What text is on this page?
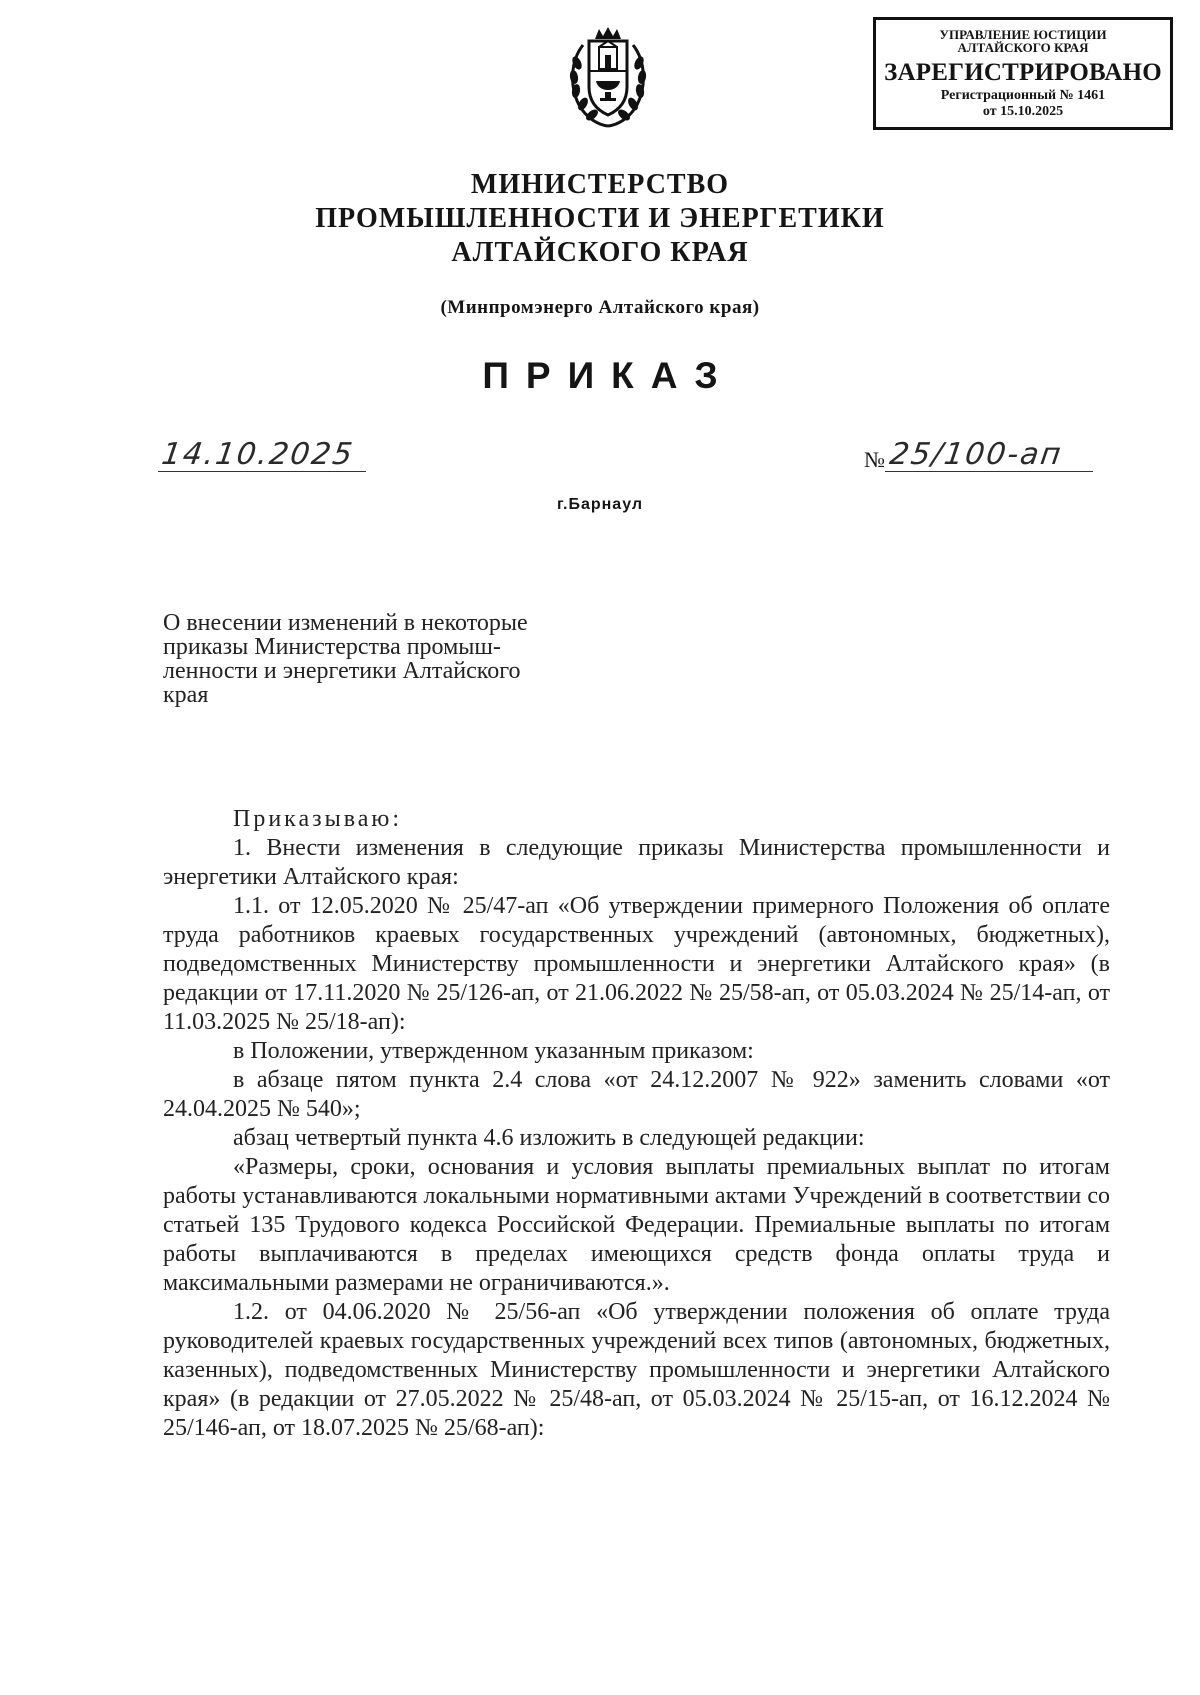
УПРАВЛЕНИЕ ЮСТИЦИИ
АЛТАЙСКОГО КРАЯ
ЗАРЕГИСТРИРОВАНО
Регистрационный № 1461
от 15.10.2025
МИНИСТЕРСТВО
ПРОМЫШЛЕННОСТИ И ЭНЕРГЕТИКИ
АЛТАЙСКОГО КРАЯ
(Минпромэнерго Алтайского края)
ПРИКАЗ
14.10.2025	№ 25/100-ап
г.Барнаул
О внесении изменений в некоторые
приказы Министерства промыш-
ленности и энергетики Алтайского
края

Приказываю:

1. Внести изменения в следующие приказы Министерства промышленности и энергетики Алтайского края:

1.1. от 12.05.2020 № 25/47-ап «Об утверждении примерного Положения об оплате труда работников краевых государственных учреждений (автономных, бюджетных), подведомственных Министерству промышленности и энергетики Алтайского края» (в редакции от 17.11.2020 № 25/126-ап, от 21.06.2022 № 25/58-ап, от 05.03.2024 № 25/14-ап, от 11.03.2025 № 25/18-ап):

в Положении, утвержденном указанным приказом:

в абзаце пятом пункта 2.4 слова «от 24.12.2007 № 922» заменить словами «от 24.04.2025 № 540»;

абзац четвертый пункта 4.6 изложить в следующей редакции:

«Размеры, сроки, основания и условия выплаты премиальных выплат по итогам работы устанавливаются локальными нормативными актами Учреждений в соответствии со статьей 135 Трудового кодекса Российской Федерации. Премиальные выплаты по итогам работы выплачиваются в пределах имеющихся средств фонда оплаты труда и максимальными размерами не ограничиваются.».

1.2. от 04.06.2020 № 25/56-ап «Об утверждении положения об оплате труда руководителей краевых государственных учреждений всех типов (автономных, бюджетных, казенных), подведомственных Министерству промышленности и энергетики Алтайского края» (в редакции от 27.05.2022 № 25/48-ап, от 05.03.2024 № 25/15-ап, от 16.12.2024 № 25/146-ап, от 18.07.2025 № 25/68-ап):
